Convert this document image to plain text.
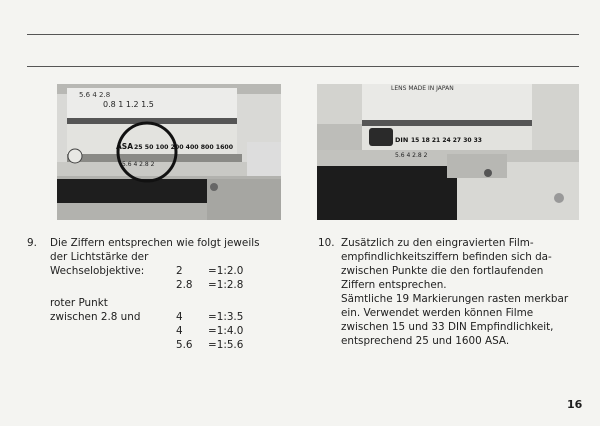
5.6 4 2.8
0.8 1 1.2 1.5
ASA 25 50 100 200 400 800 1600
5.6 4 2.8 2
LENS MADE IN JAPAN
DIN 15 18 21 24 27 30 33
5.6 4 2.8 2
9. Die Ziffern entsprechen wie folgt jeweils
der Lichtstärke der
Wechselobjektive:	2 =1:2.0
2.8 =1:2.8
roter Punkt
zwischen 2.8 und	4 =1:3.5
4 =1:4.0
5.6 =1:5.6
10. Zusätzlich zu den eingravierten Film-
empfindlichkeitsziffern befinden sich da-
zwischen Punkte die den fortlaufenden
Ziffern entsprechen.
Sämtliche 19 Markierungen rasten merkbar
ein. Verwendet werden können Filme
zwischen 15 und 33 DIN Empfindlichkeit,
entsprechend 25 und 1600 ASA.
16
